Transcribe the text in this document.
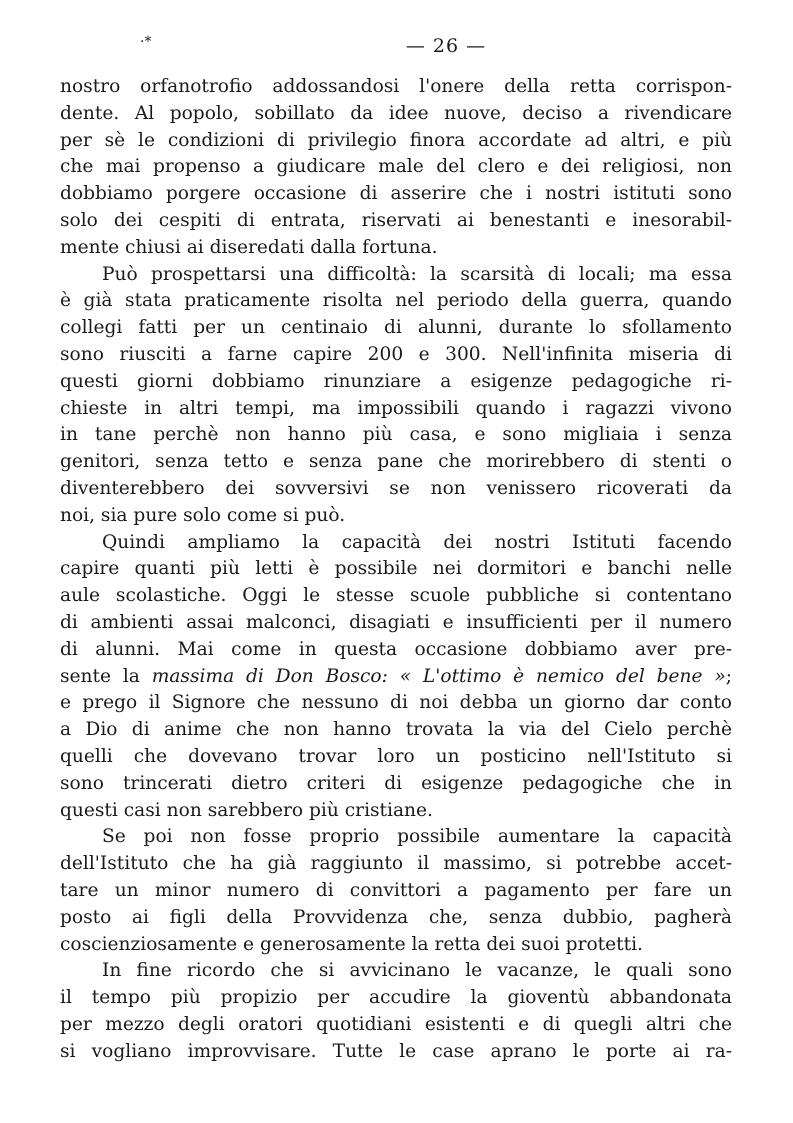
·*	— 26 —
nostro orfanotrofio addossandosi l'onere della retta corrispon-
dente. Al popolo, sobillato da idee nuove, deciso a rivendicare
per sè le condizioni di privilegio finora accordate ad altri, e più
che mai propenso a giudicare male del clero e dei religiosi, non
dobbiamo porgere occasione di asserire che i nostri istituti sono
solo dei cespiti di entrata, riservati ai benestanti e inesorabil-
mente chiusi ai diseredati dalla fortuna.
Può prospettarsi una difficoltà: la scarsità di locali; ma essa
è già stata praticamente risolta nel periodo della guerra, quando
collegi fatti per un centinaio di alunni, durante lo sfollamento
sono riusciti a farne capire 200 e 300. Nell'infinita miseria di
questi giorni dobbiamo rinunziare a esigenze pedagogiche ri-
chieste in altri tempi, ma impossibili quando i ragazzi vivono
in tane perchè non hanno più casa, e sono migliaia i senza
genitori, senza tetto e senza pane che morirebbero di stenti o
diventerebbero dei sovversivi se non venissero ricoverati da
noi, sia pure solo come si può.
Quindi ampliamo la capacità dei nostri Istituti facendo
capire quanti più letti è possibile nei dormitori e banchi nelle
aule scolastiche. Oggi le stesse scuole pubbliche si contentano
di ambienti assai malconci, disagiati e insufficienti per il numero
di alunni. Mai come in questa occasione dobbiamo aver pre-
sente la massima di Don Bosco: « L'ottimo è nemico del bene »;
e prego il Signore che nessuno di noi debba un giorno dar conto
a Dio di anime che non hanno trovata la via del Cielo perchè
quelli che dovevano trovar loro un posticino nell'Istituto si
sono trincerati dietro criteri di esigenze pedagogiche che in
questi casi non sarebbero più cristiane.
Se poi non fosse proprio possibile aumentare la capacità
dell'Istituto che ha già raggiunto il massimo, si potrebbe accet-
tare un minor numero di convittori a pagamento per fare un
posto ai figli della Provvidenza che, senza dubbio, pagherà
coscienziosamente e generosamente la retta dei suoi protetti.
In fine ricordo che si avvicinano le vacanze, le quali sono
il tempo più propizio per accudire la gioventù abbandonata
per mezzo degli oratori quotidiani esistenti e di quegli altri che
si vogliano improvvisare. Tutte le case aprano le porte ai ra-
